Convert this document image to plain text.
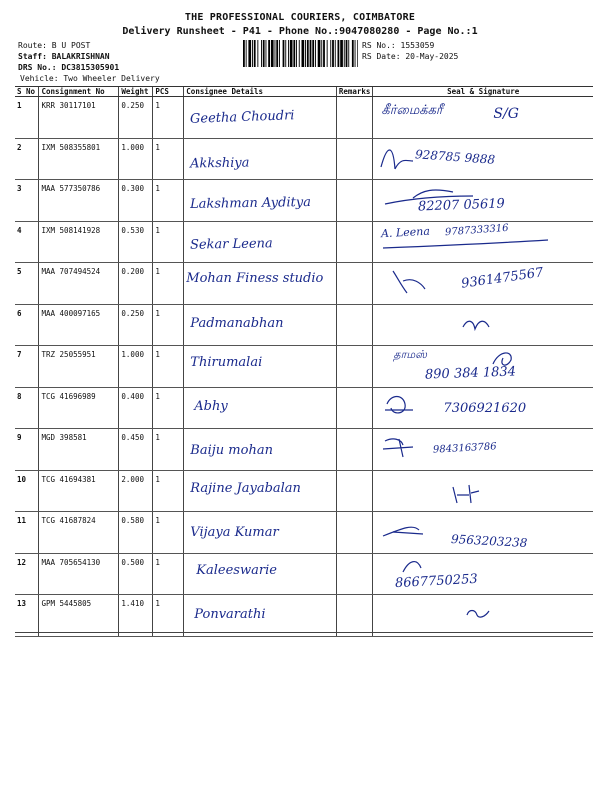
THE PROFESSIONAL COURIERS, COIMBATORE
Delivery Runsheet - P41 - Phone No.:9047080280 - Page No.:1
Route: B U POST
Staff: BALAKRISHNAN
DRS No.: DC3815305901
Vehicle: Two Wheeler Delivery
RS No.: 1553059
RS Date: 20-May-2025
S No	Consignment No	Weight	PCS	Consignee Details	Remarks	Seal & Signature
1	KRR 30117101	0.250	1	Geetha Choudri		கீர்மைக்கரீ S/G

2	IXM 508355801	1.000	1	Akkshiya		928785 9888

3	MAA 577350786	0.300	1	Lakshman Ayditya		82207 05619

4	IXM 508141928	0.530	1	Sekar Leena		A. Leena 9787333316

5	MAA 707494524	0.200	1	Mohan Finess studio		9361475567

6	MAA 400097165	0.250	1	Padmanabhan

7	TRZ 25055951	1.000	1	Thirumalai		தாமஸ்
890 384 1834

8	TCG 41696989	0.400	1	Abhy		7306921620

9	MGD 398581	0.450	1	Baiju mohan		9843163786

10	TCG 41694381	2.000	1	Rajine Jayabalan

11	TCG 41687824	0.580	1	Vijaya Kumar		9563203238

12	MAA 705654130	0.500	1	Kaleeswarie		8667750253

13	GPM 5445805	1.410	1	Ponvarathi
